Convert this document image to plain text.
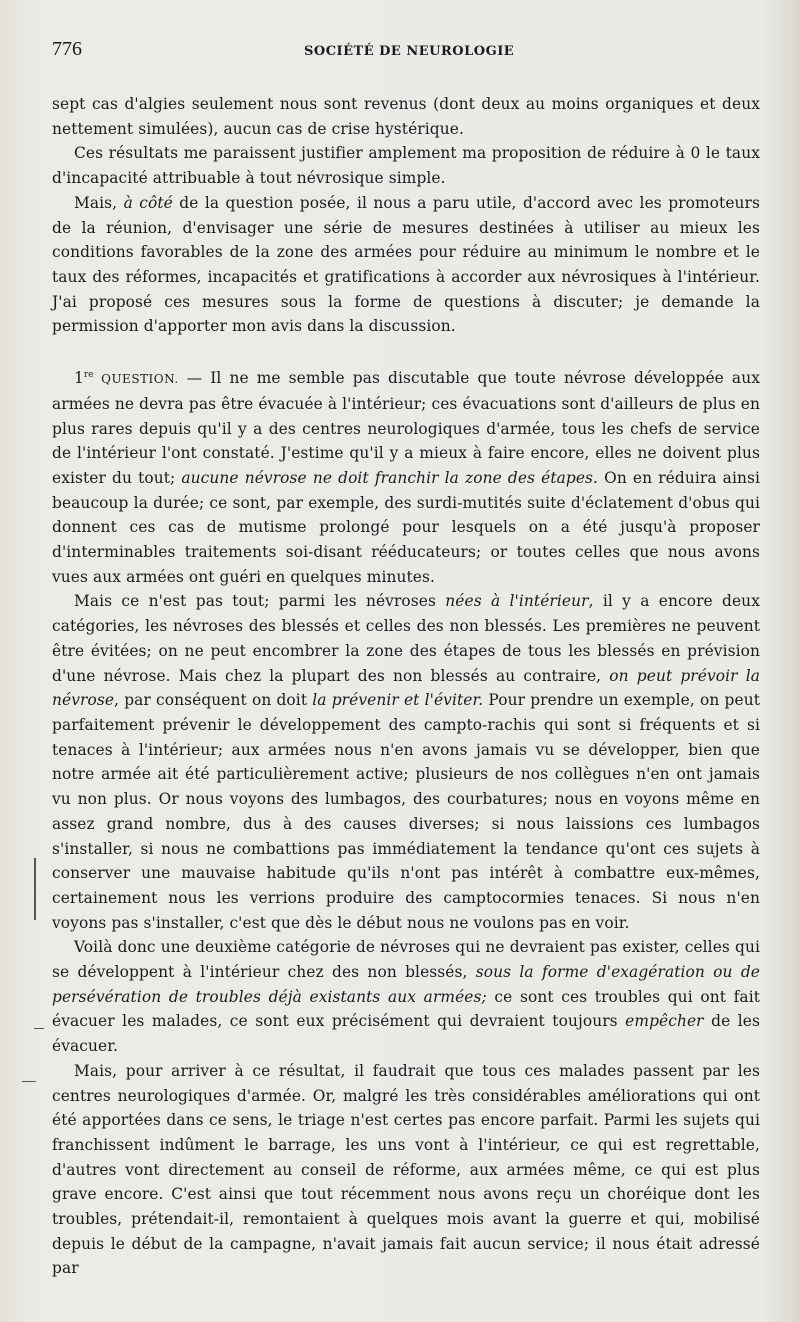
776	SOCIÉTÉ DE NEUROLOGIE

sept cas d'algies seulement nous sont revenus (dont deux au moins organiques et deux nettement simulées), aucun cas de crise hystérique.

Ces résultats me paraissent justifier amplement ma proposition de réduire à 0 le taux d'incapacité attribuable à tout névrosique simple.

Mais, à côté de la question posée, il nous a paru utile, d'accord avec les promoteurs de la réunion, d'envisager une série de mesures destinées à utiliser au mieux les conditions favorables de la zone des armées pour réduire au minimum le nombre et le taux des réformes, incapacités et gratifications à accorder aux névrosiques à l'intérieur. J'ai proposé ces mesures sous la forme de questions à discuter; je demande la permission d'apporter mon avis dans la discussion.

1re QUESTION. — Il ne me semble pas discutable que toute névrose développée aux armées ne devra pas être évacuée à l'intérieur; ces évacuations sont d'ailleurs de plus en plus rares depuis qu'il y a des centres neurologiques d'armée, tous les chefs de service de l'intérieur l'ont constaté. J'estime qu'il y a mieux à faire encore, elles ne doivent plus exister du tout; aucune névrose ne doit franchir la zone des étapes. On en réduira ainsi beaucoup la durée; ce sont, par exemple, des surdi-mutités suite d'éclatement d'obus qui donnent ces cas de mutisme prolongé pour lesquels on a été jusqu'à proposer d'interminables traitements soi-disant rééducateurs; or toutes celles que nous avons vues aux armées ont guéri en quelques minutes.

Mais ce n'est pas tout; parmi les névroses nées à l'intérieur, il y a encore deux catégories, les névroses des blessés et celles des non blessés. Les premières ne peuvent être évitées; on ne peut encombrer la zone des étapes de tous les blessés en prévision d'une névrose. Mais chez la plupart des non blessés au contraire, on peut prévoir la névrose, par conséquent on doit la prévenir et l'éviter. Pour prendre un exemple, on peut parfaitement prévenir le développement des campto-rachis qui sont si fréquents et si tenaces à l'intérieur; aux armées nous n'en avons jamais vu se développer, bien que notre armée ait été particulièrement active; plusieurs de nos collègues n'en ont jamais vu non plus. Or nous voyons des lumbagos, des courbatures; nous en voyons même en assez grand nombre, dus à des causes diverses; si nous laissions ces lumbagos s'installer, si nous ne combattions pas immédiatement la tendance qu'ont ces sujets à conserver une mauvaise habitude qu'ils n'ont pas intérêt à combattre eux-mêmes, certainement nous les verrions produire des camptocormies tenaces. Si nous n'en voyons pas s'installer, c'est que dès le début nous ne voulons pas en voir.

Voilà donc une deuxième catégorie de névroses qui ne devraient pas exister, celles qui se développent à l'intérieur chez des non blessés, sous la forme d'exagération ou de persévération de troubles déjà existants aux armées; ce sont ces troubles qui ont fait évacuer les malades, ce sont eux précisément qui devraient toujours empêcher de les évacuer.

Mais, pour arriver à ce résultat, il faudrait que tous ces malades passent par les centres neurologiques d'armée. Or, malgré les très considérables améliorations qui ont été apportées dans ce sens, le triage n'est certes pas encore parfait. Parmi les sujets qui franchissent indûment le barrage, les uns vont à l'intérieur, ce qui est regrettable, d'autres vont directement au conseil de réforme, aux armées même, ce qui est plus grave encore. C'est ainsi que tout récemment nous avons reçu un choréique dont les troubles, prétendait-il, remontaient à quelques mois avant la guerre et qui, mobilisé depuis le début de la campagne, n'avait jamais fait aucun service; il nous était adressé par
